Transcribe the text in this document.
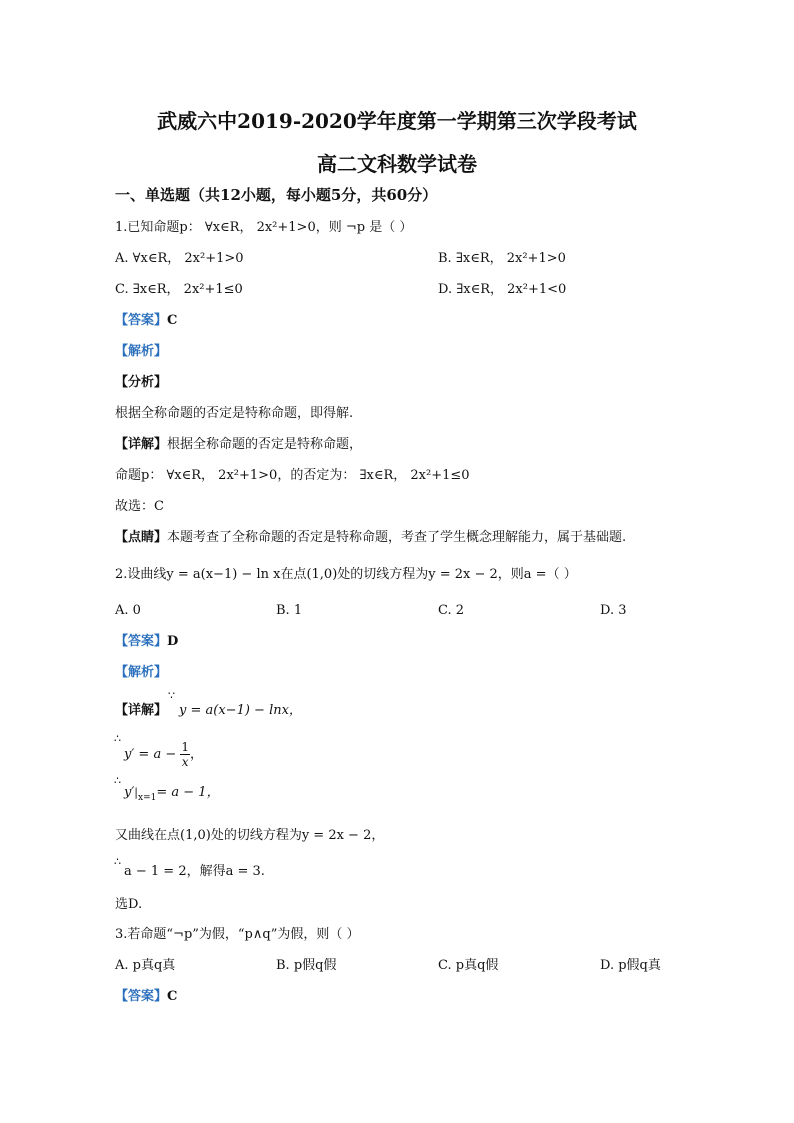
武威六中2019-2020学年度第一学期第三次学段考试
高二文科数学试卷
一、单选题（共12小题，每小题5分，共60分）
1.已知命题p： ∀x∈R， 2x²+1>0，则 ¬p 是（ ）
A. ∀x∈R， 2x²+1>0	B. ∃x∈R， 2x²+1>0
C. ∃x∈R， 2x²+1≤0	D. ∃x∈R， 2x²+1<0
【答案】C
【解析】
【分析】
根据全称命题的否定是特称命题，即得解.
【详解】根据全称命题的否定是特称命题，
命题p： ∀x∈R， 2x²+1>0，的否定为： ∃x∈R， 2x²+1≤0
故选：C
【点睛】本题考查了全称命题的否定是特称命题，考查了学生概念理解能力，属于基础题.
2.设曲线y = a(x−1) − ln x在点(1,0)处的切线方程为y = 2x − 2，则a =（ ）
A. 0	B. 1	C. 2	D. 3
【答案】D
【解析】
∵
【详解】 y = a(x−1) − lnx，
∴
$y' = a - \frac{1}{x}$ ，
∴
$y'|_{x=1}= a - 1$，
又曲线在点(1,0)处的切线方程为y = 2x − 2，
∴
a − 1 = 2，解得a = 3.
选D.
3.若命题“¬p”为假，“p∧q”为假，则（ ）
A. p真q真	B. p假q假	C. p真q假	D. p假q真
【答案】C
